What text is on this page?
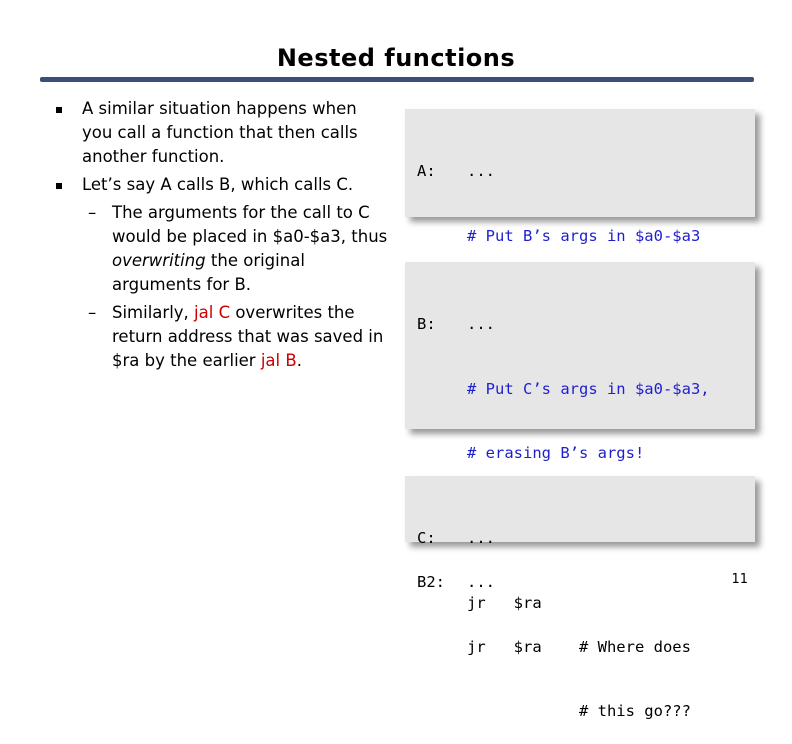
Nested functions
A similar situation happens when you call a function that then calls another function.
Let’s say A calls B, which calls C.
– The arguments for the call to C would be placed in $a0-$a3, thus overwriting the original arguments for B.
– Similarly, jal C overwrites the return address that was saved in $ra by the earlier jal B.

A:	...

# Put B’s args in $a0-$a3

B:	...

# Put C’s args in $a0-$a3,

# erasing B’s args!

B2:	...

jr   $ra    # Where does

# this go???

C:	...

jr   $ra

11
